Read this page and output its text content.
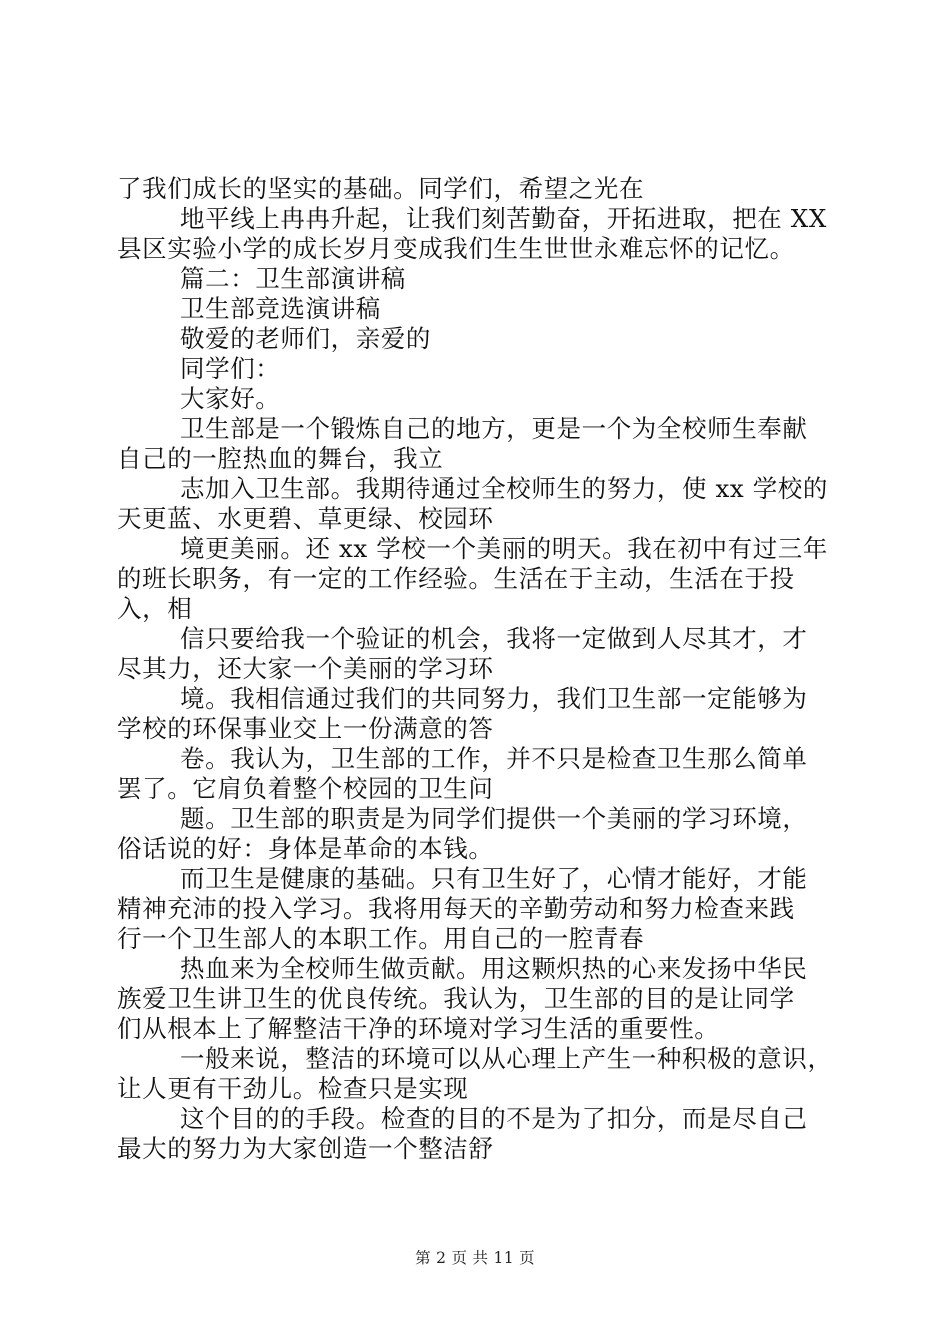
了我们成长的坚实的基础。同学们，希望之光在
地平线上冉冉升起，让我们刻苦勤奋，开拓进取，把在 XX
县区实验小学的成长岁月变成我们生生世世永难忘怀的记忆。
篇二：卫生部演讲稿
卫生部竞选演讲稿
敬爱的老师们，亲爱的
同学们：
大家好。
卫生部是一个锻炼自己的地方，更是一个为全校师生奉献
自己的一腔热血的舞台，我立
志加入卫生部。我期待通过全校师生的努力，使 xx 学校的
天更蓝、水更碧、草更绿、校园环
境更美丽。还 xx 学校一个美丽的明天。我在初中有过三年
的班长职务，有一定的工作经验。生活在于主动，生活在于投
入，相
信只要给我一个验证的机会，我将一定做到人尽其才，才
尽其力，还大家一个美丽的学习环
境。我相信通过我们的共同努力，我们卫生部一定能够为
学校的环保事业交上一份满意的答
卷。我认为，卫生部的工作，并不只是检查卫生那么简单
罢了。它肩负着整个校园的卫生问
题。卫生部的职责是为同学们提供一个美丽的学习环境，
俗话说的好：身体是革命的本钱。
而卫生是健康的基础。只有卫生好了，心情才能好，才能
精神充沛的投入学习。我将用每天的辛勤劳动和努力检查来践
行一个卫生部人的本职工作。用自己的一腔青春
热血来为全校师生做贡献。用这颗炽热的心来发扬中华民
族爱卫生讲卫生的优良传统。我认为，卫生部的目的是让同学
们从根本上了解整洁干净的环境对学习生活的重要性。
一般来说，整洁的环境可以从心理上产生一种积极的意识，
让人更有干劲儿。检查只是实现
这个目的的手段。检查的目的不是为了扣分，而是尽自己
最大的努力为大家创造一个整洁舒
第 2 页 共 11 页
